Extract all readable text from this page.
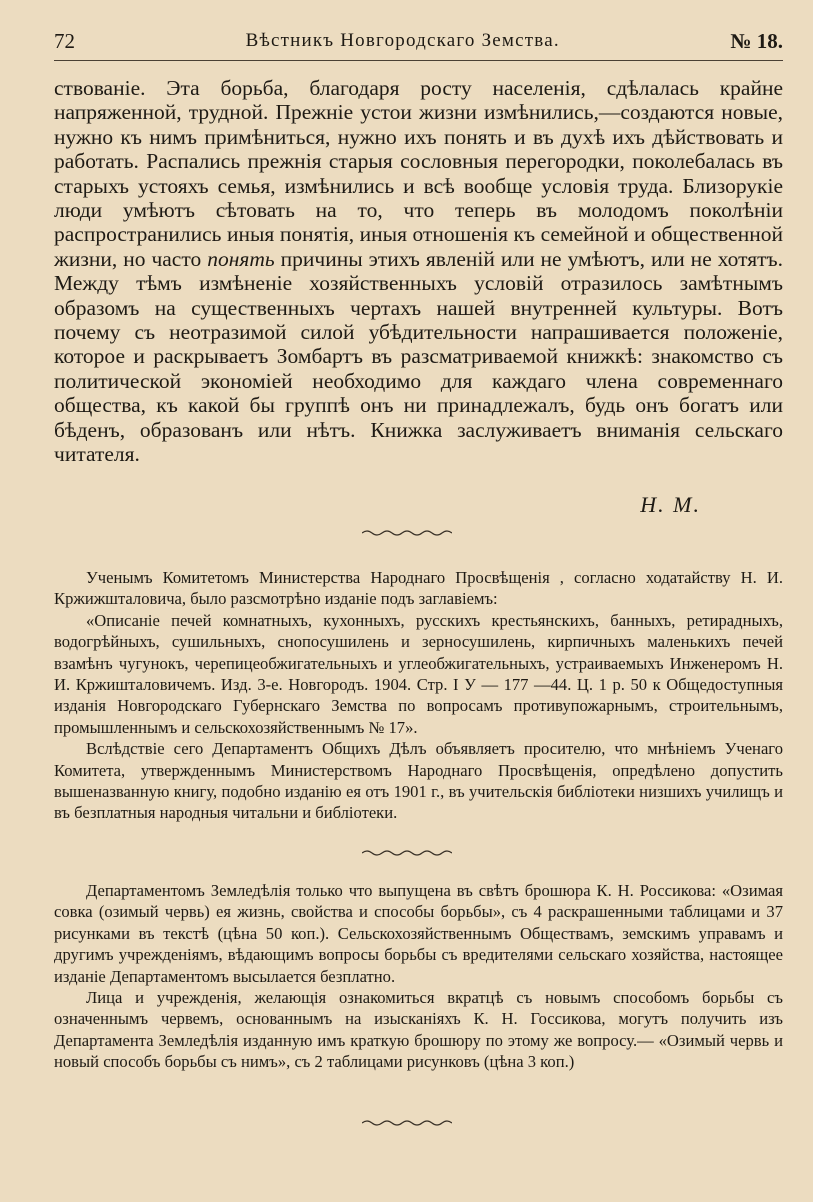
72	Вѣстникъ Новгородскаго Земства.	№ 18.

ствованіе. Эта борьба, благодаря росту населенія, сдѣлалась крайне напряженной, трудной. Прежніе устои жизни измѣнились,—создаются новые, нужно къ нимъ примѣниться, нужно ихъ понять и въ духѣ ихъ дѣйствовать и работать. Распались прежнія старыя сословныя перегородки, поколебалась въ старыхъ устояхъ семья, измѣнились и всѣ вообще условія труда. Близорукіе люди умѣютъ сѣтовать на то, что теперь въ молодомъ поколѣніи распространились иныя понятія, иныя отношенія къ семейной и общественной жизни, но часто понять причины этихъ явленій или не умѣютъ, или не хотятъ. Между тѣмъ измѣненіе хозяйственныхъ условій отразилось замѣтнымъ образомъ на существенныхъ чертахъ нашей внутренней культуры. Вотъ почему съ неотразимой силой убѣдительности напрашивается положеніе, которое и раскрываетъ Зомбартъ въ разсматриваемой книжкѣ: знакомство съ политической экономіей необходимо для каждаго члена современнаго общества, къ какой бы группѣ онъ ни принадлежалъ, будь онъ богатъ или бѣденъ, образованъ или нѣтъ. Книжка заслуживаетъ вниманія сельскаго читателя.

Н. М.

Ученымъ Комитетомъ Министерства Народнаго Просвѣщенія , согласно ходатайству Н. И. Кржижшталовича, было разсмотрѣно изданіе подъ заглавіемъ:

«Описаніе печей комнатныхъ, кухонныхъ, русскихъ крестьянскихъ, банныхъ, ретирадныхъ, водогрѣйныхъ, сушильныхъ, снопосушилень и зерносушилень, кирпичныхъ маленькихъ печей взамѣнъ чугунокъ, черепицеобжигательныхъ и углеобжигательныхъ, устраиваемыхъ Инженеромъ Н. И. Кржишталовичемъ. Изд. 3-е. Новгородъ. 1904. Стр. I У — 177 —44. Ц. 1 р. 50 к Общедоступныя изданія Новгородскаго Губернскаго Земства по вопросамъ противупожарнымъ, строительнымъ, промышленнымъ и сельскохозяйственнымъ № 17».

Вслѣдствіе сего Департаментъ Общихъ Дѣлъ объявляетъ просителю, что мнѣніемъ Ученаго Комитета, утвержденнымъ Министерствомъ Народнаго Просвѣщенія, опредѣлено допустить вышеназванную книгу, подобно изданію ея отъ 1901 г., въ учительскія библіотеки низшихъ училищъ и въ безплатныя народныя читальни и библіотеки.

Департаментомъ Земледѣлія только что выпущена въ свѣтъ брошюра К. Н. Россикова: «Озимая совка (озимый червь) ея жизнь, свойства и способы борьбы», съ 4 раскрашенными таблицами и 37 рисунками въ текстѣ (цѣна 50 коп.). Сельскохозяйственнымъ Обществамъ, земскимъ управамъ и другимъ учрежденіямъ, вѣдающимъ вопросы борьбы съ вредителями сельскаго хозяйства, настоящее изданіе Департаментомъ высылается безплатно.

Лица и учрежденія, желающія ознакомиться вкратцѣ съ новымъ способомъ борьбы съ означеннымъ червемъ, основаннымъ на изысканіяхъ К. Н. Госсикова, могутъ получить изъ Департамента Земледѣлія изданную имъ краткую брошюру по этому же вопросу.— «Озимый червь и новый способъ борьбы съ нимъ», съ 2 таблицами рисунковъ (цѣна 3 коп.)
